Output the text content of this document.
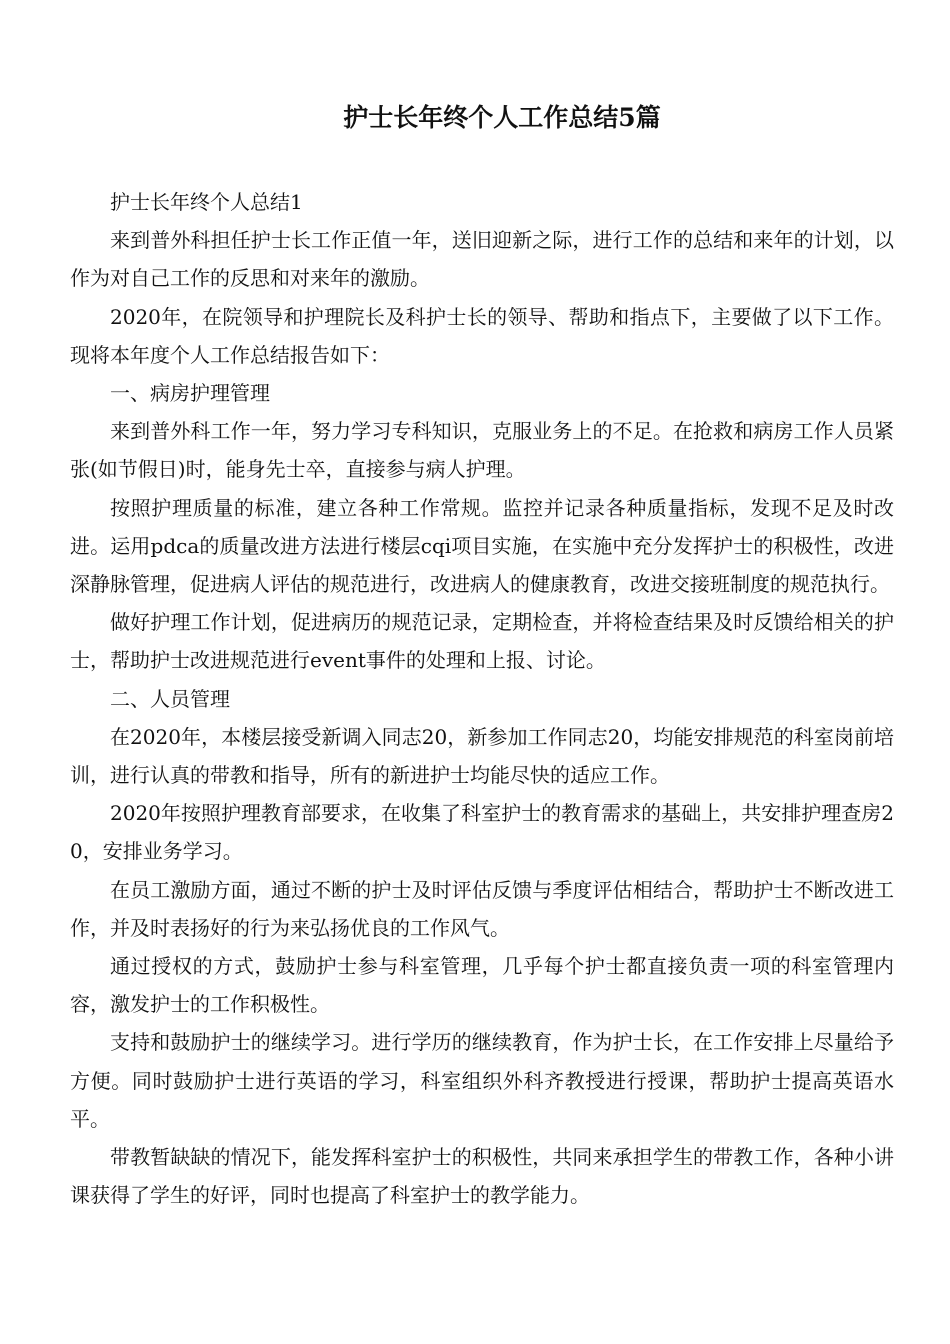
护士长年终个人工作总结5篇

护士长年终个人总结1

来到普外科担任护士长工作正值一年，送旧迎新之际，进行工作的总结和来年的计划，以作为对自己工作的反思和对来年的激励。

2020年，在院领导和护理院长及科护士长的领导、帮助和指点下，主要做了以下工作。现将本年度个人工作总结报告如下：

一、病房护理管理

来到普外科工作一年，努力学习专科知识，克服业务上的不足。在抢救和病房工作人员紧张(如节假日)时，能身先士卒，直接参与病人护理。

按照护理质量的标准，建立各种工作常规。监控并记录各种质量指标，发现不足及时改进。运用pdca的质量改进方法进行楼层cqi项目实施，在实施中充分发挥护士的积极性，改进深静脉管理，促进病人评估的规范进行，改进病人的健康教育，改进交接班制度的规范执行。

做好护理工作计划，促进病历的规范记录，定期检查，并将检查结果及时反馈给相关的护士，帮助护士改进规范进行event事件的处理和上报、讨论。

二、人员管理

在2020年，本楼层接受新调入同志20，新参加工作同志20，均能安排规范的科室岗前培训，进行认真的带教和指导，所有的新进护士均能尽快的适应工作。

2020年按照护理教育部要求，在收集了科室护士的教育需求的基础上，共安排护理查房20，安排业务学习。

在员工激励方面，通过不断的护士及时评估反馈与季度评估相结合，帮助护士不断改进工作，并及时表扬好的行为来弘扬优良的工作风气。

通过授权的方式，鼓励护士参与科室管理，几乎每个护士都直接负责一项的科室管理内容，激发护士的工作积极性。

支持和鼓励护士的继续学习。进行学历的继续教育，作为护士长，在工作安排上尽量给予方便。同时鼓励护士进行英语的学习，科室组织外科齐教授进行授课，帮助护士提高英语水平。

带教暂缺缺的情况下，能发挥科室护士的积极性，共同来承担学生的带教工作，各种小讲课获得了学生的好评，同时也提高了科室护士的教学能力。
